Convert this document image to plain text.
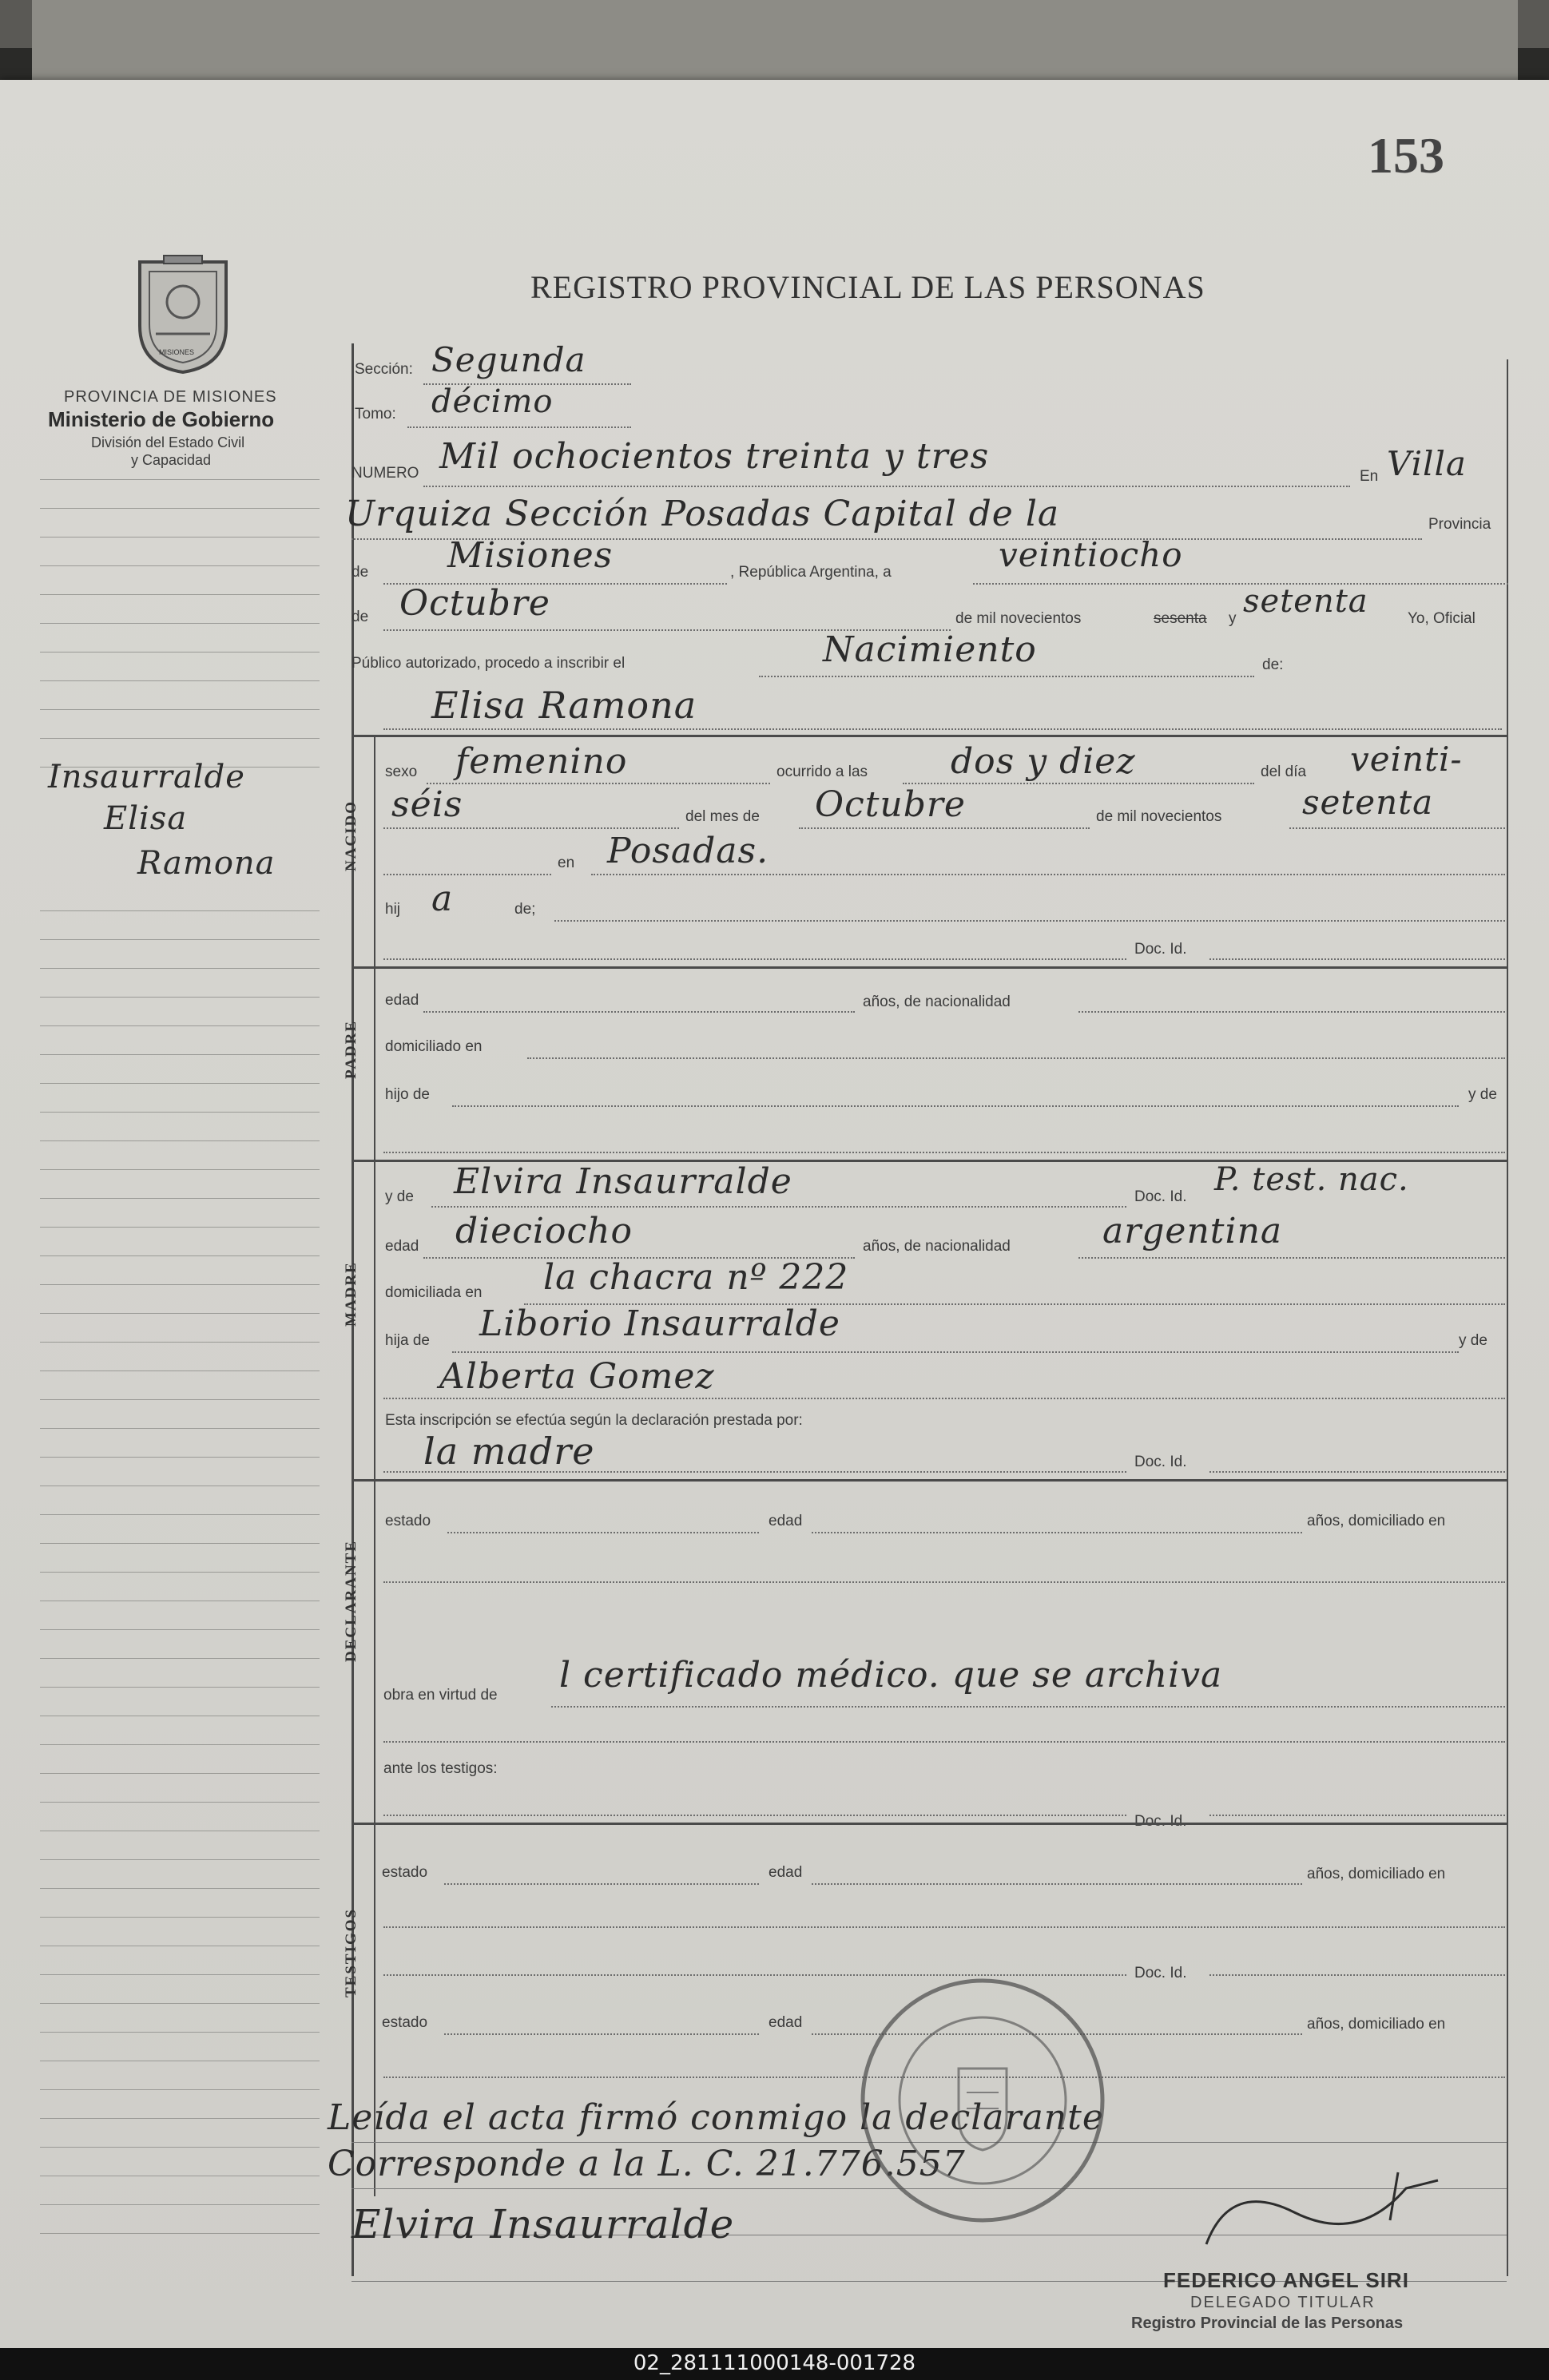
153
MISIONES
PROVINCIA DE MISIONES
Ministerio de Gobierno
División del Estado Civil
y Capacidad
REGISTRO PROVINCIAL DE LAS PERSONAS
Insaurralde
Elisa
Ramona
Sección: Segunda
Tomo: décimo
NUMERO Mil ochocientos treinta y tres	En Villa
Urquiza Sección Posadas Capital de la	Provincia
de Misiones	, República Argentina, a	veintiocho
de Octubre	de mil novecientos	sesenta y setenta	Yo, Oficial
Público autorizado, procedo a inscribir el	Nacimiento	de:
Elisa Ramona
NACIDO
sexo femenino	ocurrido a las dos y diez	del día veinti-
séis	del mes de Octubre	de mil novecientos setenta
en Posadas.
hij a	de;
Doc. Id.
PADRE
edad	años, de nacionalidad
domiciliado en
hijo de	y de
MADRE
y de Elvira Insaurralde	Doc. Id. P. test. nac.
edad dieciocho	años, de nacionalidad	argentina
domiciliada en la chacra nº 222
hija de Liborio Insaurralde	y de
Alberta Gomez
Esta inscripción se efectúa según la declaración prestada por:
la madre	Doc. Id.
DECLARANTE
estado	edad	años, domiciliado en
obra en virtud de l certificado médico. que se archiva
ante los testigos:
Doc. Id.
TESTIGOS
estado	edad	años, domiciliado en
Doc. Id.
estado	edad	años, domiciliado en
Leída el acta firmó conmigo la declarante
Corresponde a la L. C. 21.776.557
Elvira Insaurralde
FEDERICO ANGEL SIRI
DELEGADO TITULAR
Registro Provincial de las Personas
02_281111000148-001728
